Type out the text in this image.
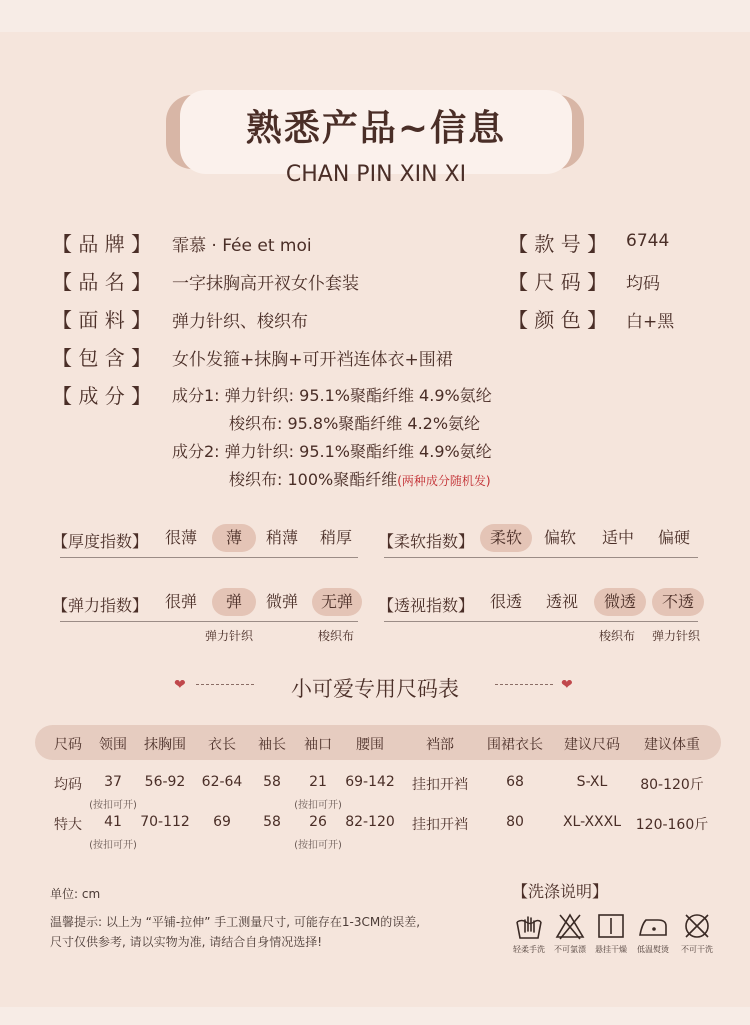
熟悉产品~信息
CHAN PIN XIN XI
【 品 牌 】 霏慕 · Fée et moi
【 品 名 】 一字抹胸高开衩女仆套装
【 面 料 】 弹力针织、梭织布
【 包 含 】 女仆发箍+抹胸+可开裆连体衣+围裙
【 成 分 】 成分1: 弹力针织: 95.1%聚酯纤维 4.9%氨纶
梭织布: 95.8%聚酯纤维 4.2%氨纶
成分2: 弹力针织: 95.1%聚酯纤维 4.9%氨纶
梭织布: 100%聚酯纤维(两种成分随机发)
【 款 号 】 6744
【 尺 码 】 均码
【 颜 色 】 白+黑
【厚度指数】 很薄	薄	稍薄 稍厚 【柔软指数】 柔软	偏软 适中 偏硬
【弹力指数】 很弹	弹	微弹	无弹
弹力针织	梭织布
【透视指数】 很透 透视	微透	不透
梭织布 弹力针织
❤	小可爱专用尺码表	❤
尺码 领围 抹胸围 衣长 袖长 袖口 腰围	裆部 围裙衣长 建议尺码 建议体重
均码 37 56-92 62-64 58 21 69-142 挂扣开裆	68	S-XL 80-120斤
(按扣可开)	(按扣可开)
特大 41 70-112 69 58 26 82-120 挂扣开裆	80	XL-XXXL 120-160斤
(按扣可开)	(按扣可开)
单位: cm
温馨提示: 以上为 “平铺-拉伸” 手工测量尺寸, 可能存在1-3CM的误差,
尺寸仅供参考, 请以实物为准, 请结合自身情况选择!
【洗涤说明】
轻柔手洗 不可氯漂 悬挂干燥 低温熨烫 不可干洗
